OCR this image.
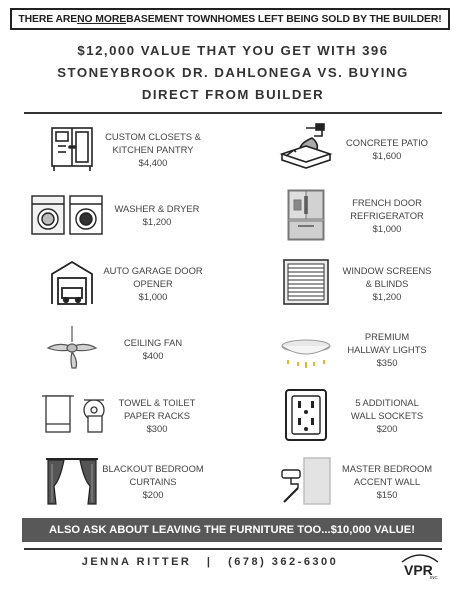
THERE ARE NO MORE BASEMENT TOWNHOMES LEFT BEING SOLD BY THE BUILDER!
$12,000 VALUE THAT YOU GET WITH 396
STONEYBROOK DR. DAHLONEGA VS. BUYING
DIRECT FROM BUILDER
CUSTOM CLOSETS &
KITCHEN PANTRY
$4,400
WASHER & DRYER
$1,200
AUTO GARAGE DOOR
OPENER
$1,000
CEILING FAN
$400
TOWEL & TOILET
PAPER RACKS
$300
BLACKOUT BEDROOM
CURTAINS
$200
CONCRETE PATIO
$1,600
FRENCH DOOR
REFRIGERATOR
$1,000
WINDOW SCREENS
& BLINDS
$1,200
PREMIUM
HALLWAY LIGHTS
$350
5 ADDITIONAL
WALL SOCKETS
$200
MASTER BEDROOM
ACCENT WALL
$150
ALSO ASK ABOUT LEAVING THE FURNITURE TOO...$10,000 VALUE!
JENNA RITTER | (678) 362-6300	VPR
INC
